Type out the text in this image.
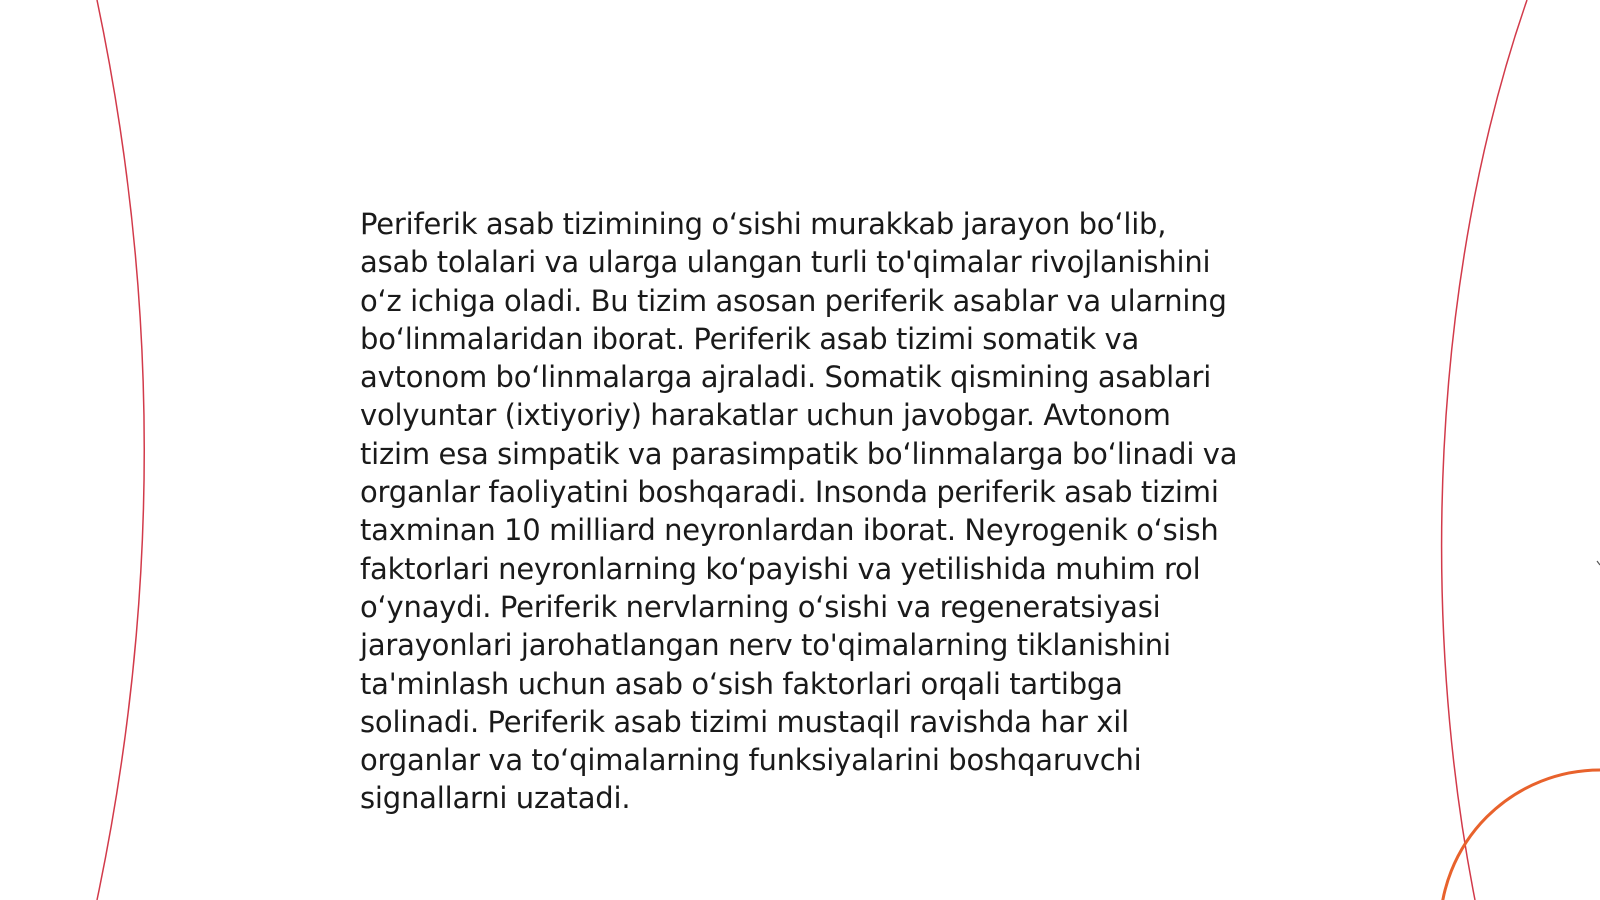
Periferik asab tizimining o‘sishi murakkab jarayon bo‘lib, asab tolalari va ularga ulangan turli to'qimalar rivojlanishini o‘z ichiga oladi. Bu tizim asosan periferik asablar va ularning bo‘linmalaridan iborat. Periferik asab tizimi somatik va avtonom bo‘linmalarga ajraladi. Somatik qismining asablari volyuntar (ixtiyoriy) harakatlar uchun javobgar. Avtonom tizim esa simpatik va parasimpatik bo‘linmalarga bo‘linadi va organlar faoliyatini boshqaradi. Insonda periferik asab tizimi taxminan 10 milliard neyronlardan iborat. Neyrogenik o‘sish faktorlari neyronlarning ko‘payishi va yetilishida muhim rol o‘ynaydi. Periferik nervlarning o‘sishi va regeneratsiyasi jarayonlari jarohatlangan nerv to'qimalarning tiklanishini ta'minlash uchun asab o‘sish faktorlari orqali tartibga solinadi. Periferik asab tizimi mustaqil ravishda har xil organlar va to‘qimalarning funksiyalarini boshqaruvchi signallarni uzatadi.
